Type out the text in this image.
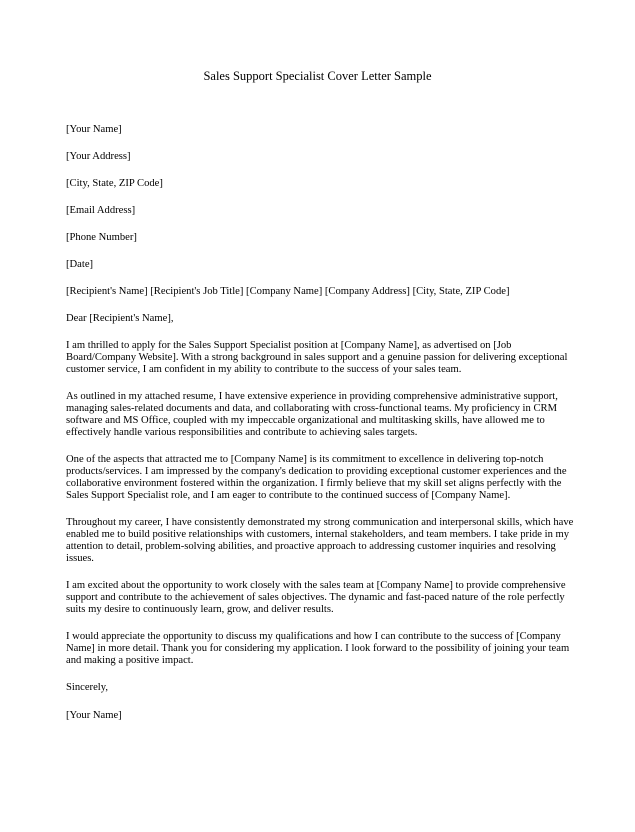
Sales Support Specialist Cover Letter Sample
[Your Name]
[Your Address]
[City, State, ZIP Code]
[Email Address]
[Phone Number]
[Date]
[Recipient's Name] [Recipient's Job Title] [Company Name] [Company Address] [City, State, ZIP Code]
Dear [Recipient's Name],

I am thrilled to apply for the Sales Support Specialist position at [Company Name], as advertised on [Job Board/Company Website]. With a strong background in sales support and a genuine passion for delivering exceptional customer service, I am confident in my ability to contribute to the success of your sales team.

As outlined in my attached resume, I have extensive experience in providing comprehensive administrative support, managing sales-related documents and data, and collaborating with cross-functional teams. My proficiency in CRM software and MS Office, coupled with my impeccable organizational and multitasking skills, have allowed me to effectively handle various responsibilities and contribute to achieving sales targets.

One of the aspects that attracted me to [Company Name] is its commitment to excellence in delivering top-notch products/services. I am impressed by the company's dedication to providing exceptional customer experiences and the collaborative environment fostered within the organization. I firmly believe that my skill set aligns perfectly with the Sales Support Specialist role, and I am eager to contribute to the continued success of [Company Name].

Throughout my career, I have consistently demonstrated my strong communication and interpersonal skills, which have enabled me to build positive relationships with customers, internal stakeholders, and team members. I take pride in my attention to detail, problem-solving abilities, and proactive approach to addressing customer inquiries and resolving issues.

I am excited about the opportunity to work closely with the sales team at [Company Name] to provide comprehensive support and contribute to the achievement of sales objectives. The dynamic and fast-paced nature of the role perfectly suits my desire to continuously learn, grow, and deliver results.

I would appreciate the opportunity to discuss my qualifications and how I can contribute to the success of [Company Name] in more detail. Thank you for considering my application. I look forward to the possibility of joining your team and making a positive impact.

Sincerely,
[Your Name]
